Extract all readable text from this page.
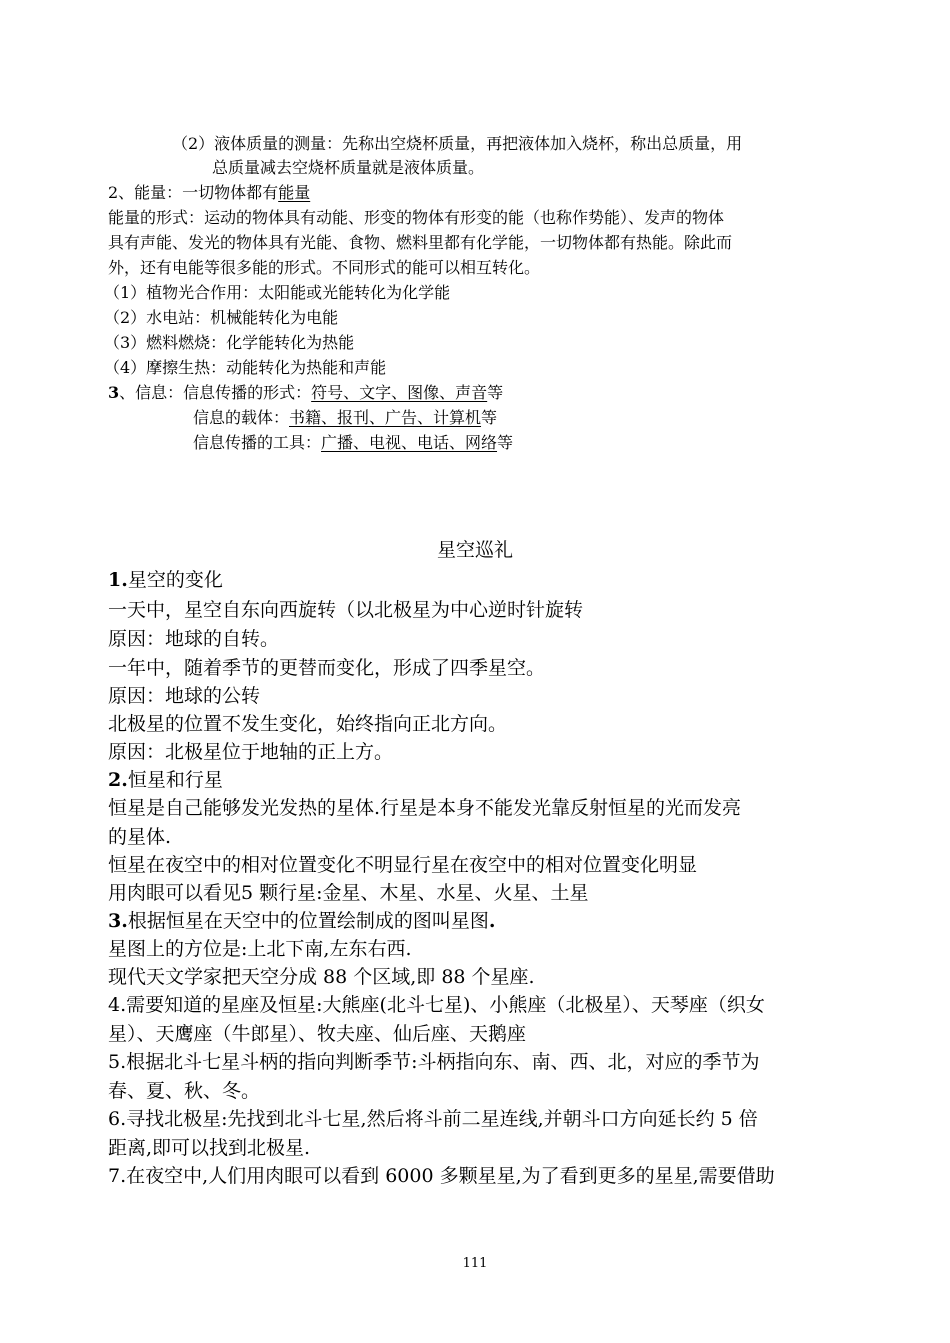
（2）液体质量的测量：先称出空烧杯质量，再把液体加入烧杯，称出总质量，用
总质量减去空烧杯质量就是液体质量。
2、能量：一切物体都有能量
能量的形式：运动的物体具有动能、形变的物体有形变的能（也称作势能）、发声的物体
具有声能、发光的物体具有光能、食物、燃料里都有化学能，一切物体都有热能。除此而
外，还有电能等很多能的形式。不同形式的能可以相互转化。
（1）植物光合作用：太阳能或光能转化为化学能
（2）水电站：机械能转化为电能
（3）燃料燃烧：化学能转化为热能
（4）摩擦生热：动能转化为热能和声能
3、信息：信息传播的形式：符号、文字、图像、声音等
信息的载体：书籍、报刊、广告、计算机等
信息传播的工具：广播、电视、电话、网络等
星空巡礼
1.星空的变化
一天中，星空自东向西旋转（以北极星为中心逆时针旋转
原因：地球的自转。
一年中，随着季节的更替而变化，形成了四季星空。
原因：地球的公转
北极星的位置不发生变化，始终指向正北方向。
原因：北极星位于地轴的正上方。
2.恒星和行星
恒星是自己能够发光发热的星体.行星是本身不能发光靠反射恒星的光而发亮
的星体.
恒星在夜空中的相对位置变化不明显行星在夜空中的相对位置变化明显
用肉眼可以看见5 颗行星:金星、木星、水星、火星、土星
3.根据恒星在天空中的位置绘制成的图叫星图.
星图上的方位是:上北下南,左东右西.
现代天文学家把天空分成 88 个区域,即 88 个星座.
4.需要知道的星座及恒星:大熊座(北斗七星)、小熊座（北极星）、天琴座（织女
星）、天鹰座（牛郎星）、牧夫座、仙后座、天鹅座
5.根据北斗七星斗柄的指向判断季节:斗柄指向东、南、西、北，对应的季节为
春、夏、秋、冬。
6.寻找北极星:先找到北斗七星,然后将斗前二星连线,并朝斗口方向延长约 5 倍
距离,即可以找到北极星.
7.在夜空中,人们用肉眼可以看到 6000 多颗星星,为了看到更多的星星,需要借助
111
